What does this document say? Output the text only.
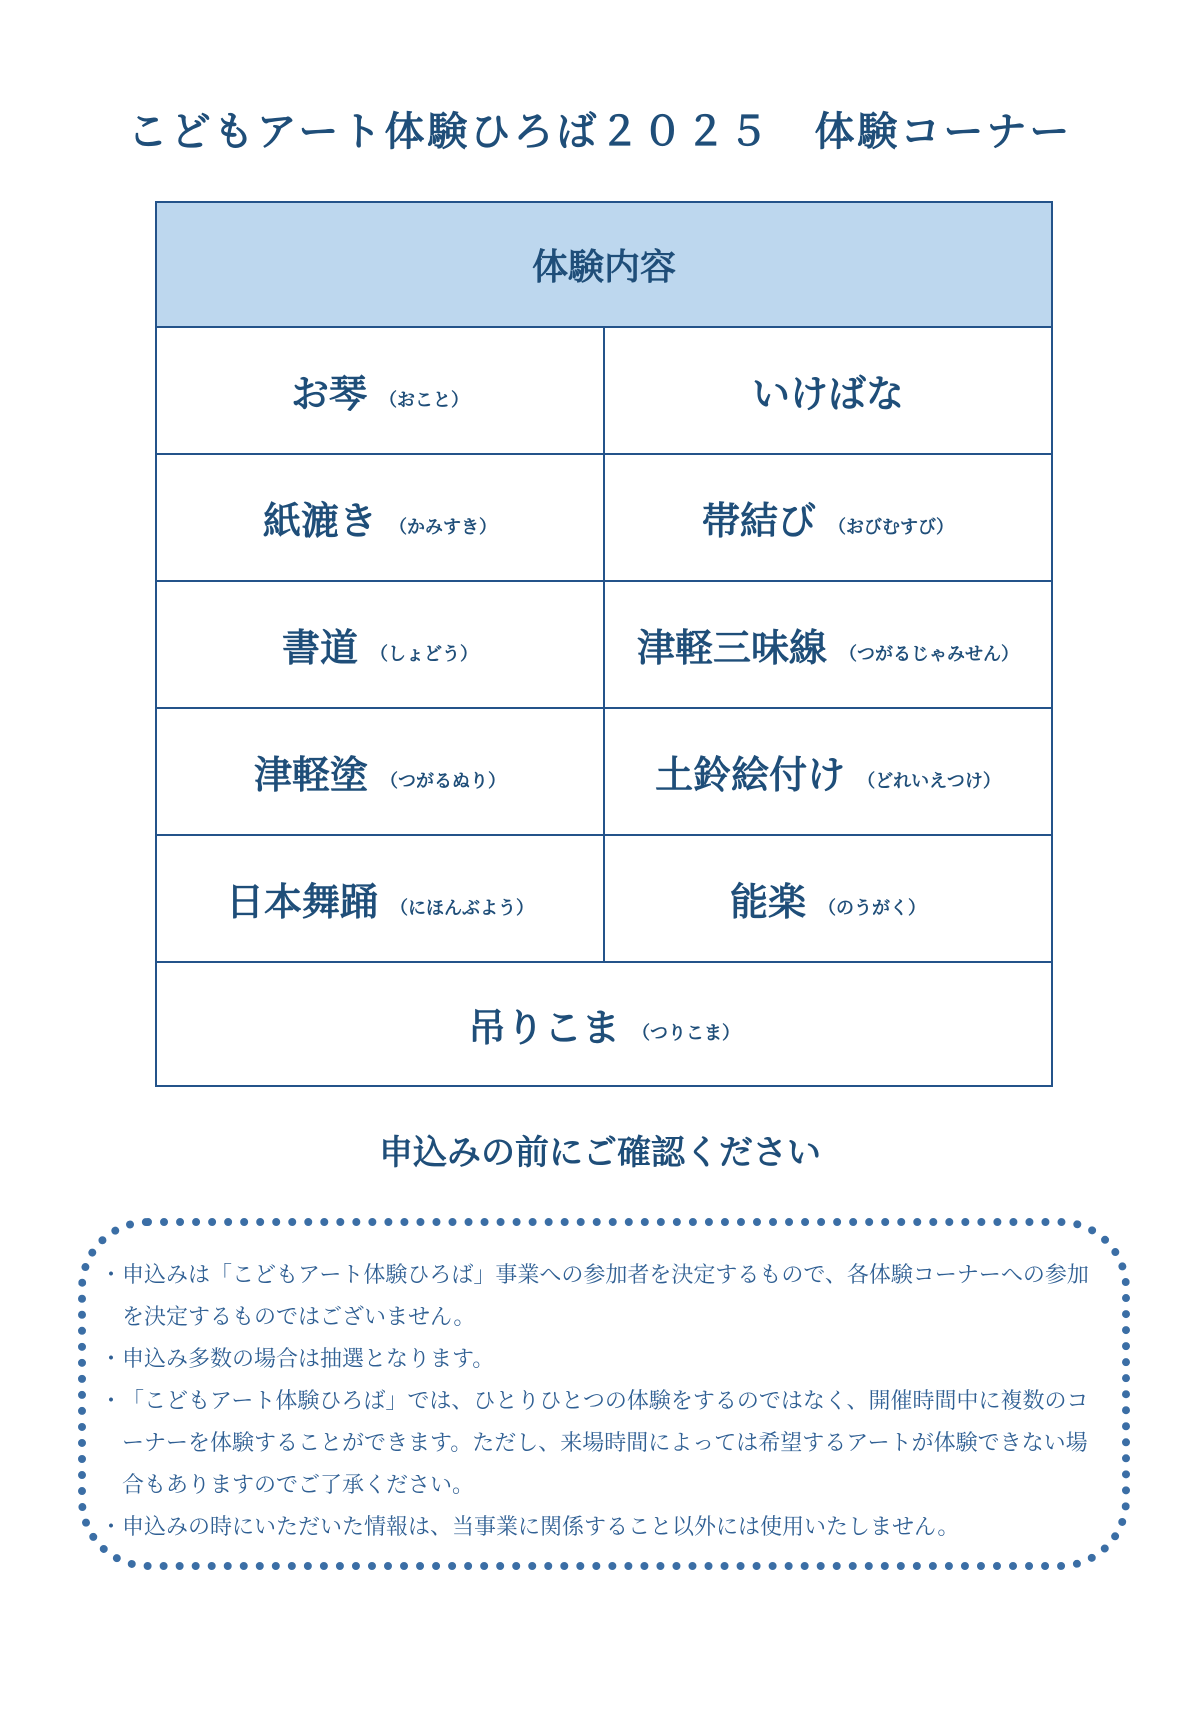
こどもアート体験ひろば２０２５　体験コーナー
体験内容
お琴 （おこと）	いけばな
紙漉き （かみすき）	帯結び （おびむすび）
書道 （しょどう）	津軽三味線 （つがるじゃみせん）
津軽塗 （つがるぬり）	土鈴絵付け （どれいえつけ）
日本舞踊 （にほんぶよう）	能楽 （のうがく）
吊りこま （つりこま）
申込みの前にご確認ください
・ 申込みは「こどもアート体験ひろば」事業への参加者を決定するもので、各体験コーナーへの参加を決定するものではございません。
・ 申込み多数の場合は抽選となります。
・ 「こどもアート体験ひろば」では、ひとりひとつの体験をするのではなく、開催時間中に複数のコーナーを体験することができます。ただし、来場時間によっては希望するアートが体験できない場合もありますのでご了承ください。
・ 申込みの時にいただいた情報は、当事業に関係すること以外には使用いたしません。
